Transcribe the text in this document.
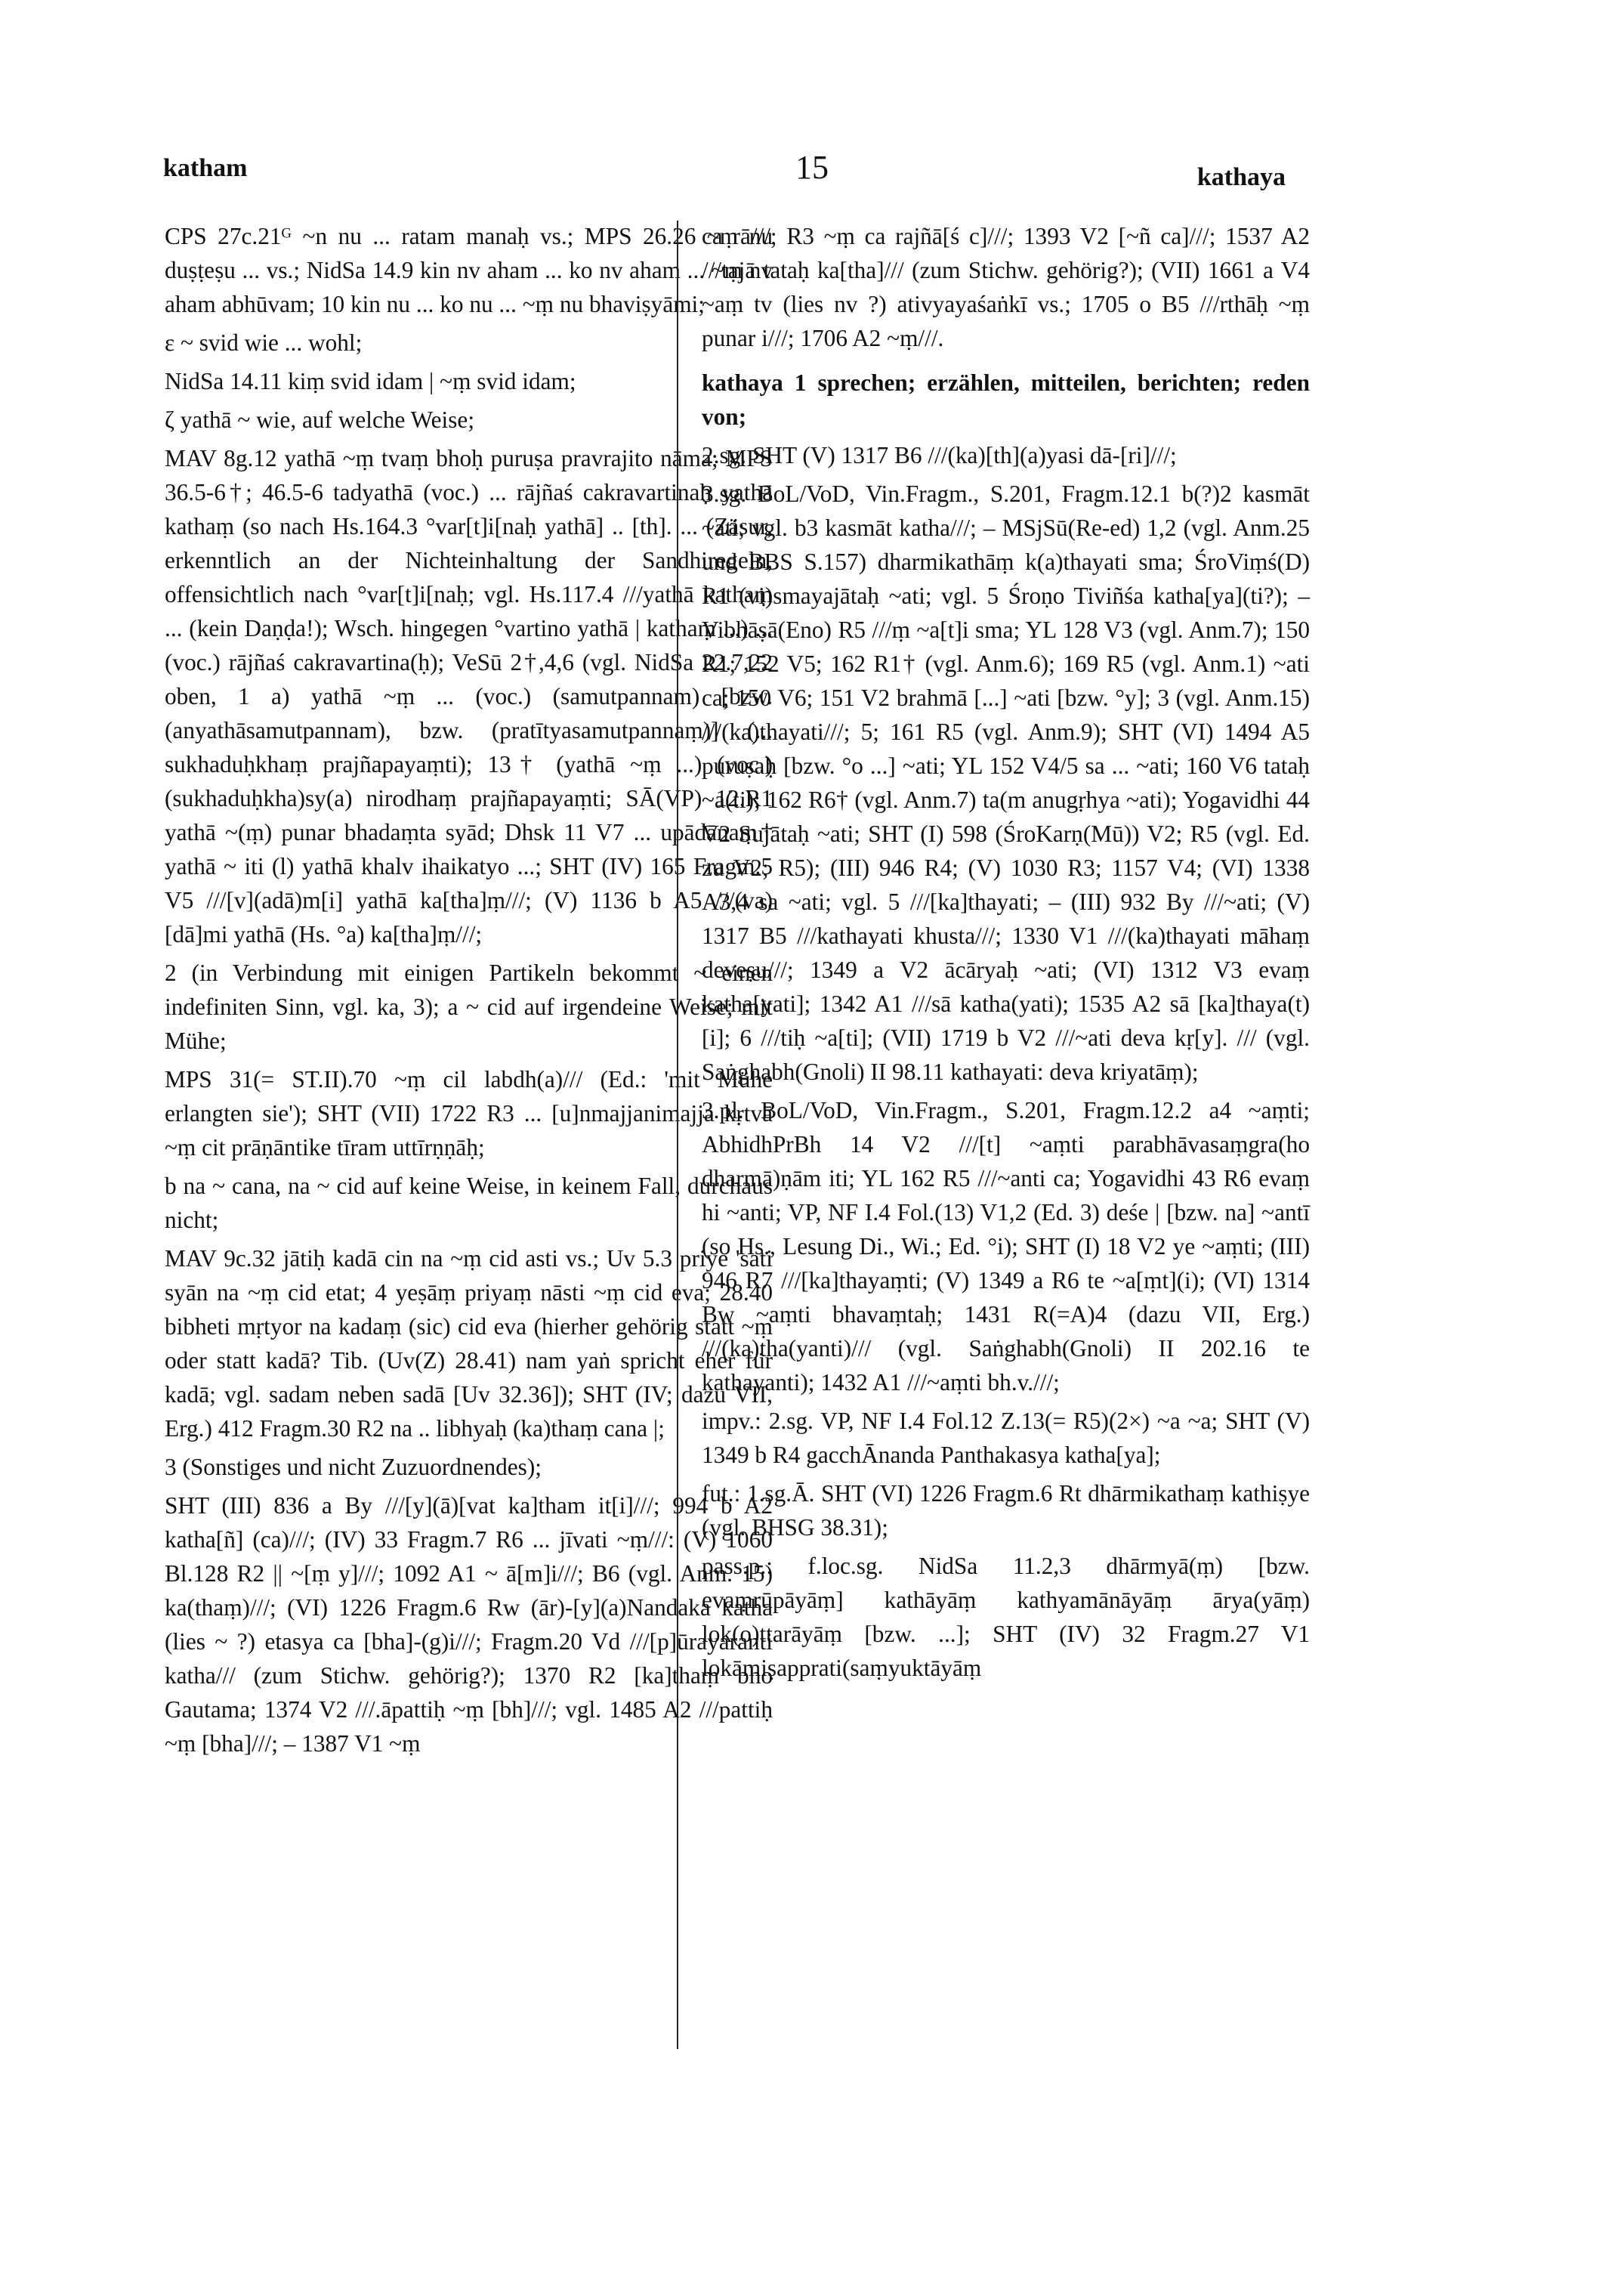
katham	15	kathaya

CPS 27c.21ᴳ ~n nu ... ratam manaḥ vs.; MPS 26.26 ~ṃ nu duṣṭeṣu ... vs.; NidSa 14.9 kin nv aham ... ko nv aham ... ~ṃ nv aham abhūvam; 10 kin nu ... ko nu ... ~ṃ nu bhaviṣyāmi;

ε ~ svid wie ... wohl;

NidSa 14.11 kiṃ svid idam | ~ṃ svid idam;

ζ yathā ~ wie, auf welche Weise;

MAV 8g.12 yathā ~ṃ tvaṃ bhoḥ puruṣa pravrajito nāma; MPS 36.5-6†; 46.5-6 tadyathā (voc.) ... rājñaś cakravartinaḥ yathā kathaṃ (so nach Hs.164.3 °var[t]i[naḥ yathā] .. [th]. ... (Zäsur, erkenntlich an der Nichteinhaltung der Sandhiregeln, offensichtlich nach °var[t]i[naḥ; vgl. Hs.117.4 ///yathā kathaṃ ... (kein Daṇḍa!); Wsch. hingegen °vartino yathā | kathaṃ ...) ... (voc.) rājñaś cakravartina(ḥ); VeSū 2†,4,6 (vgl. NidSa 22.7,22 oben, 1 a) yathā ~ṃ ... (voc.) (samutpannam) [bzw. (anyathāsamutpannam), bzw. (pratītyasamutpannaṃ)] (... sukhaduḥkhaṃ prajñapayaṃti); 13† (yathā ~ṃ ...) (voc.) (sukhaduḥkha)sy(a) nirodhaṃ prajñapayaṃti; SĀ(VP) 12.R1 yathā ~(ṃ) punar bhadaṃta syād; Dhsk 11 V7 ... upādānaṃ† yathā ~ iti (l) yathā khalv ihaikatyo ...; SHT (IV) 165 Fragm.5 V5 ///[v](adā)m[i] yathā ka[tha]ṃ///; (V) 1136 b A5 ///(va)[dā]mi yathā (Hs. °a) ka[tha]ṃ///;

2 (in Verbindung mit einigen Partikeln bekommt ~ einen indefiniten Sinn, vgl. ka, 3); a ~ cid auf irgendeine Weise; mit Mühe;

MPS 31(= ST.II).70 ~ṃ cil labdh(a)/// (Ed.: 'mit Mühe erlangten sie'); SHT (VII) 1722 R3 ... [u]nmajjanimajja kṛtvā ~ṃ cit prāṇāntike tīram uttīrṇṇāḥ;

b na ~ cana, na ~ cid auf keine Weise, in keinem Fall, durchaus nicht;

MAV 9c.32 jātiḥ kadā cin na ~ṃ cid asti vs.; Uv 5.3 priye 'sati syān na ~ṃ cid etat; 4 yeṣāṃ priyaṃ nāsti ~ṃ cid eva; 28.40 bibheti mṛtyor na kadaṃ (sic) cid eva (hierher gehörig statt ~ṃ oder statt kadā? Tib. (Uv(Z) 28.41) nam yaṅ spricht eher für kadā; vgl. sadam neben sadā [Uv 32.36]); SHT (IV; dazu VII, Erg.) 412 Fragm.30 R2 na .. libhyaḥ (ka)thaṃ cana |;

3 (Sonstiges und nicht Zuzuordnendes);

SHT (III) 836 a By ///[y](ā)[vat ka]tham it[i]///; 994 b A2 katha[ñ] (ca)///; (IV) 33 Fragm.7 R6 ... jīvati ~ṃ///: (V) 1060 Bl.128 R2 || ~[ṃ y]///; 1092 A1 ~ ā[m]i///; B6 (vgl. Anm. 15) ka(thaṃ)///; (VI) 1226 Fragm.6 Rw (ār)-[y](a)Nandaka katha (lies ~ ?) etasya ca [bha]-(g)i///; Fragm.20 Vd ///[p]ūrayaranti katha/// (zum Stichw. gehörig?); 1370 R2 [ka]thaṃ bho Gautama; 1374 V2 ///.āpattiḥ ~ṃ [bh]///; vgl. 1485 A2 ///pattiḥ ~ṃ [bha]///; – 1387 V1 ~ṃ

ca rā///; R3 ~ṃ ca rajñā[ś c]///; 1393 V2 [~ñ ca]///; 1537 A2 ///tajā tataḥ ka[tha]/// (zum Stichw. gehörig?); (VII) 1661 a V4 ~aṃ tv (lies nv ?) ativyayaśaṅkī vs.; 1705 o B5 ///rthāḥ ~ṃ punar i///; 1706 A2 ~ṃ///.

kathaya 1 sprechen; erzählen, mitteilen, berichten; reden von;

2.sg. SHT (V) 1317 B6 ///(ka)[th](a)yasi dā-[ri]///;

3.sg. BoL/VoD, Vin.Fragm., S.201, Fragm.12.1 b(?)2 kasmāt ~ati; vgl. b3 kasmāt katha///; – MSjSū(Re-ed) 1,2 (vgl. Anm.25 und BBS S.157) dharmikathāṃ k(a)thayati sma; ŚroViṃś(D) R1 (vi)smayajātaḥ ~ati; vgl. 5 Śroṇo Tiviñśa katha[ya](ti?); – Vibhāṣā(Eno) R5 ///ṃ ~a[t]i sma; YL 128 V3 (vgl. Anm.7); 150 R1; 152 V5; 162 R1† (vgl. Anm.6); 169 R5 (vgl. Anm.1) ~ati ca; 150 V6; 151 V2 brahmā [...] ~ati [bzw. °y]; 3 (vgl. Anm.15) ///(ka)thayati///; 5; 161 R5 (vgl. Anm.9); SHT (VI) 1494 A5 puruṣaḥ [bzw. °o ...] ~ati; YL 152 V4/5 sa ... ~ati; 160 V6 tataḥ ~a(ti); 162 R6† (vgl. Anm.7) ta(m anugṛhya ~ati); Yogavidhi 44 V2 Sujātaḥ ~ati; SHT (I) 598 (ŚroKarṇ(Mū)) V2; R5 (vgl. Ed. zu V2; R5); (III) 946 R4; (V) 1030 R3; 1157 V4; (VI) 1338 A3,4 sa ~ati; vgl. 5 ///[ka]thayati; – (III) 932 By ///~ati; (V) 1317 B5 ///kathayati khusta///; 1330 V1 ///(ka)thayati māhaṃ deveṣu///; 1349 a V2 ācāryaḥ ~ati; (VI) 1312 V3 evaṃ katha[yati]; 1342 A1 ///sā katha(yati); 1535 A2 sā [ka]thaya(t)[i]; 6 ///tiḥ ~a[ti]; (VII) 1719 b V2 ///~ati deva kṛ[y]. /// (vgl. Saṅghabh(Gnoli) II 98.11 kathayati: deva kriyatāṃ);

3.pl. BoL/VoD, Vin.Fragm., S.201, Fragm.12.2 a4 ~aṃti; AbhidhPrBh 14 V2 ///[t] ~aṃti parabhāvasaṃgra(ho dharmā)ṇām iti; YL 162 R5 ///~anti ca; Yogavidhi 43 R6 evaṃ hi ~anti; VP, NF I.4 Fol.(13) V1,2 (Ed. 3) deśe | [bzw. na] ~antī (so Hs., Lesung Di., Wi.; Ed. °i); SHT (I) 18 V2 ye ~aṃti; (III) 946 R7 ///[ka]thayaṃti; (V) 1349 a R6 te ~a[ṃt](i); (VI) 1314 Bw ~aṃti bhavaṃtaḥ; 1431 R(=A)4 (dazu VII, Erg.) ///(ka)tha(yanti)/// (vgl. Saṅghabh(Gnoli) II 202.16 te kathayanti); 1432 A1 ///~aṃti bh.v.///;

impv.: 2.sg. VP, NF I.4 Fol.12 Z.13(= R5)(2×) ~a ~a; SHT (V) 1349 b R4 gacchĀnanda Panthakasya katha[ya];

fut.: 1.sg.Ā. SHT (VI) 1226 Fragm.6 Rt dhārmikathaṃ kathiṣye (vgl. BHSG 38.31);

pass.p.: f.loc.sg. NidSa 11.2,3 dhārmyā(ṃ) [bzw. evaṃrūpāyāṃ] kathāyāṃ kathyamānāyāṃ ārya(yāṃ) lok(o)ttarāyāṃ [bzw. ...]; SHT (IV) 32 Fragm.27 V1 lokāmiṣapprati(saṃyuktāyāṃ
